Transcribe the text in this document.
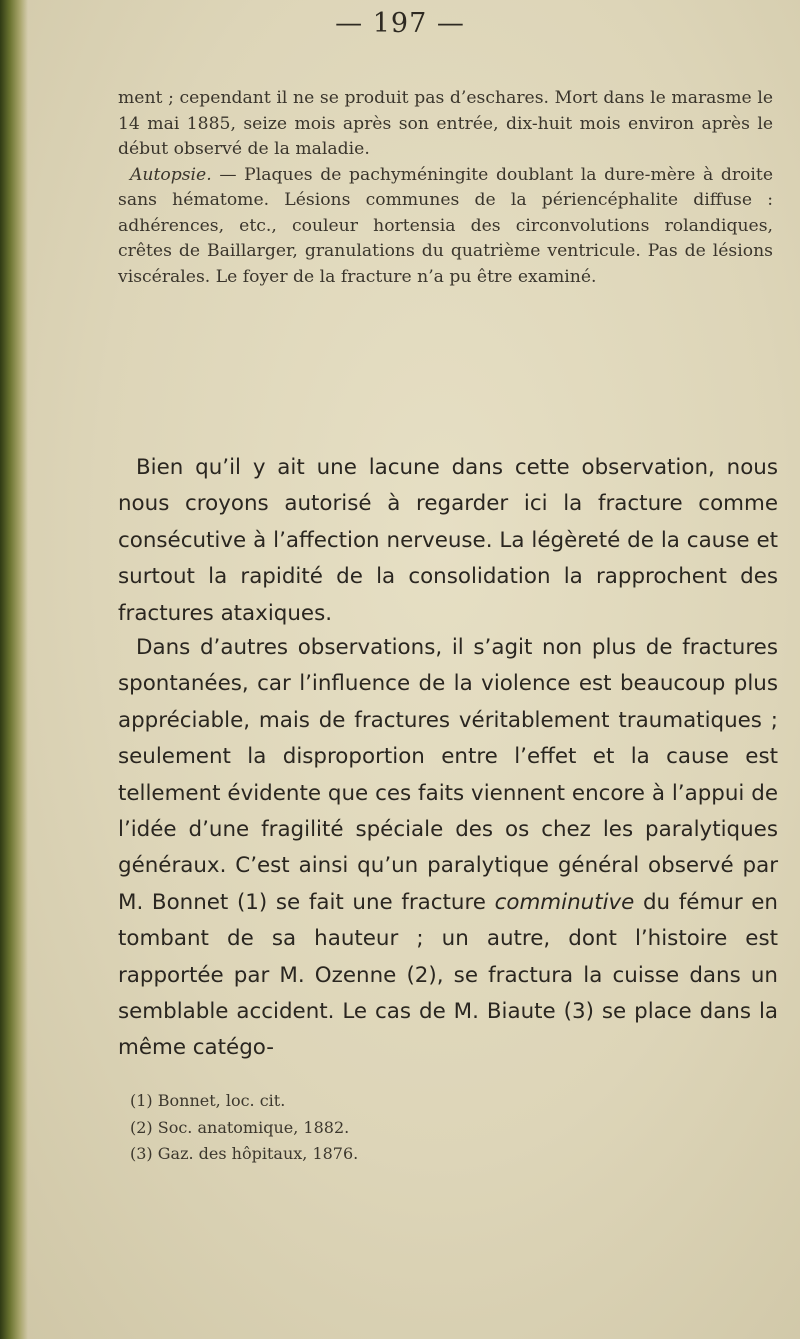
— 197 —

ment ; cependant il ne se produit pas d’eschares. Mort dans le marasme le 14 mai 1885, seize mois après son entrée, dix-huit mois environ après le début observé de la maladie.

Autopsie. — Plaques de pachyméningite doublant la dure-mère à droite sans hématome. Lésions communes de la périencéphalite diffuse : adhérences, etc., couleur hortensia des circonvolutions rolandiques, crêtes de Baillarger, granulations du quatrième ventricule. Pas de lésions viscérales. Le foyer de la fracture n’a pu être examiné.

Bien qu’il y ait une lacune dans cette observation, nous nous croyons autorisé à regarder ici la fracture comme consécutive à l’affection nerveuse. La légèreté de la cause et surtout la rapidité de la consolidation la rapprochent des fractures ataxiques.

Dans d’autres observations, il s’agit non plus de fractures spontanées, car l’influence de la violence est beaucoup plus appréciable, mais de fractures véritablement traumatiques ; seulement la disproportion entre l’effet et la cause est tellement évidente que ces faits viennent encore à l’appui de l’idée d’une fragilité spéciale des os chez les paralytiques généraux. C’est ainsi qu’un paralytique général observé par M. Bonnet (1) se fait une fracture comminutive du fémur en tombant de sa hauteur ; un autre, dont l’histoire est rapportée par M. Ozenne (2), se fractura la cuisse dans un semblable accident. Le cas de M. Biaute (3) se place dans la même catégo-

(1) Bonnet, loc. cit.
(2) Soc. anatomique, 1882.
(3) Gaz. des hôpitaux, 1876.
